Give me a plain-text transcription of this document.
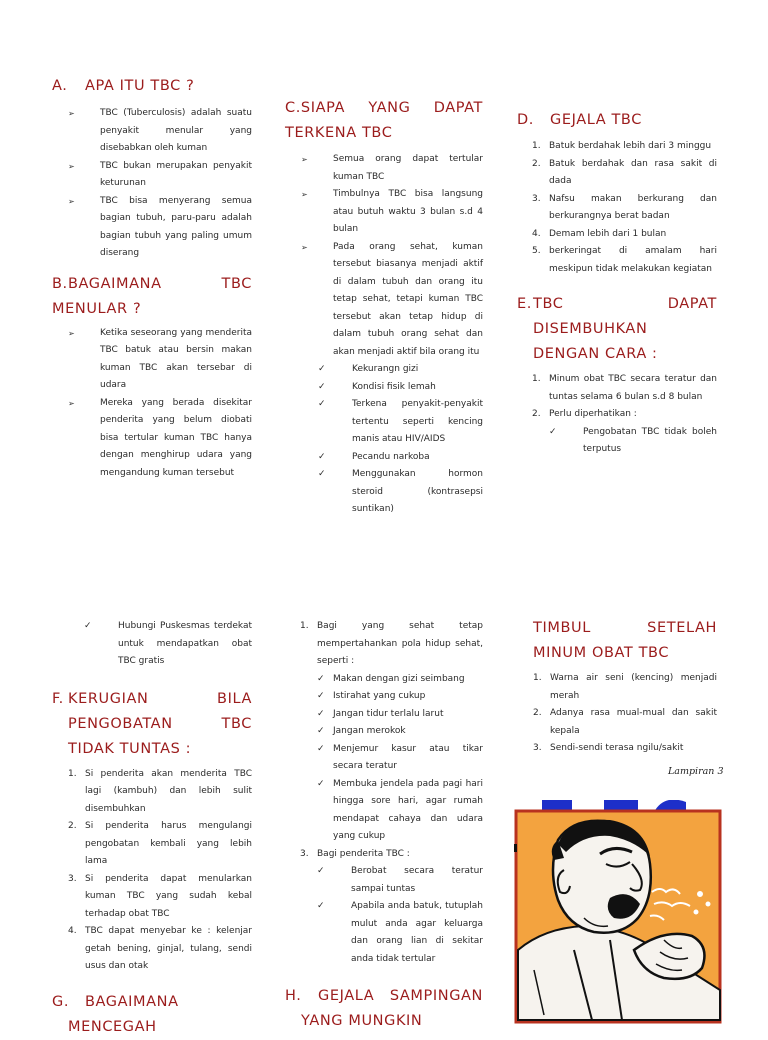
A. APA ITU TBC ?
➢	TBC (Tuberculosis) adalah suatu penyakit menular yang disebabkan oleh kuman
➢	TBC bukan merupakan penyakit keturunan
➢	TBC bisa menyerang semua bagian tubuh, paru-paru adalah bagian tubuh yang paling umum diserang
B.BAGAIMANA TBC MENULAR ?
➢	Ketika seseorang yang menderita TBC batuk atau bersin makan kuman TBC akan tersebar di udara
➢	Mereka yang berada disekitar penderita yang belum diobati bisa tertular kuman TBC hanya dengan menghirup udara yang mengandung kuman tersebut
C.SIAPA YANG DAPAT TERKENA TBC
➢	Semua orang dapat tertular kuman TBC
➢	Timbulnya TBC bisa langsung atau butuh waktu 3 bulan s.d 4 bulan
➢	Pada orang sehat, kuman tersebut biasanya menjadi aktif di dalam tubuh dan orang itu tetap sehat, tetapi kuman TBC tersebut akan tetap hidup di dalam tubuh orang sehat dan akan menjadi aktif bila orang itu
✓	Kekurangn gizi
✓	Kondisi fisik lemah
✓	Terkena penyakit-penyakit tertentu seperti kencing manis atau HIV/AIDS
✓	Pecandu narkoba
✓	Menggunakan hormon steroid (kontrasepsi suntikan)
D. GEJALA TBC
1. Batuk berdahak lebih dari 3 minggu
2. Batuk berdahak dan rasa sakit di dada
3. Nafsu makan berkurang dan berkurangnya berat badan
4. Demam lebih dari 1 bulan
5. berkeringat di amalam hari meskipun tidak melakukan kegiatan
E.TBC DAPAT DISEMBUHKAN DENGAN CARA :
1. Minum obat TBC secara teratur dan tuntas selama 6 bulan s.d 8 bulan
2. Perlu diperhatikan :
✓	Pengobatan TBC tidak boleh terputus
✓	Hubungi Puskesmas terdekat untuk mendapatkan obat TBC gratis
F. KERUGIAN BILA PENGOBATAN TBC TIDAK TUNTAS :
1. Si penderita akan menderita TBC lagi (kambuh) dan lebih sulit disembuhkan
2. Si penderita harus mengulangi pengobatan kembali yang lebih lama
3. Si penderita dapat menularkan kuman TBC yang sudah kebal terhadap obat TBC
4. TBC dapat menyebar ke : kelenjar getah bening, ginjal, tulang, sendi usus dan otak
G. BAGAIMANA MENCEGAH
1. Bagi yang sehat tetap mempertahankan pola hidup sehat, seperti :
✓ Makan dengan gizi seimbang
✓ Istirahat yang cukup
✓ Jangan tidur terlalu larut
✓ Jangan merokok
✓ Menjemur kasur atau tikar secara teratur
✓ Membuka jendela pada pagi hari hingga sore hari, agar rumah mendapat cahaya dan udara yang cukup
3. Bagi penderita TBC :
✓	Berobat secara teratur sampai tuntas
✓	Apabila anda batuk, tutuplah mulut anda agar keluarga dan orang lian di sekitar anda tidak tertular
H. GEJALA SAMPINGAN YANG MUNGKIN
TIMBUL SETELAH MINUM OBAT TBC
1. Warna air seni (kencing) menjadi merah
2. Adanya rasa mual-mual dan sakit kepala
3. Sendi-sendi terasa ngilu/sakit
Lampiran 3
